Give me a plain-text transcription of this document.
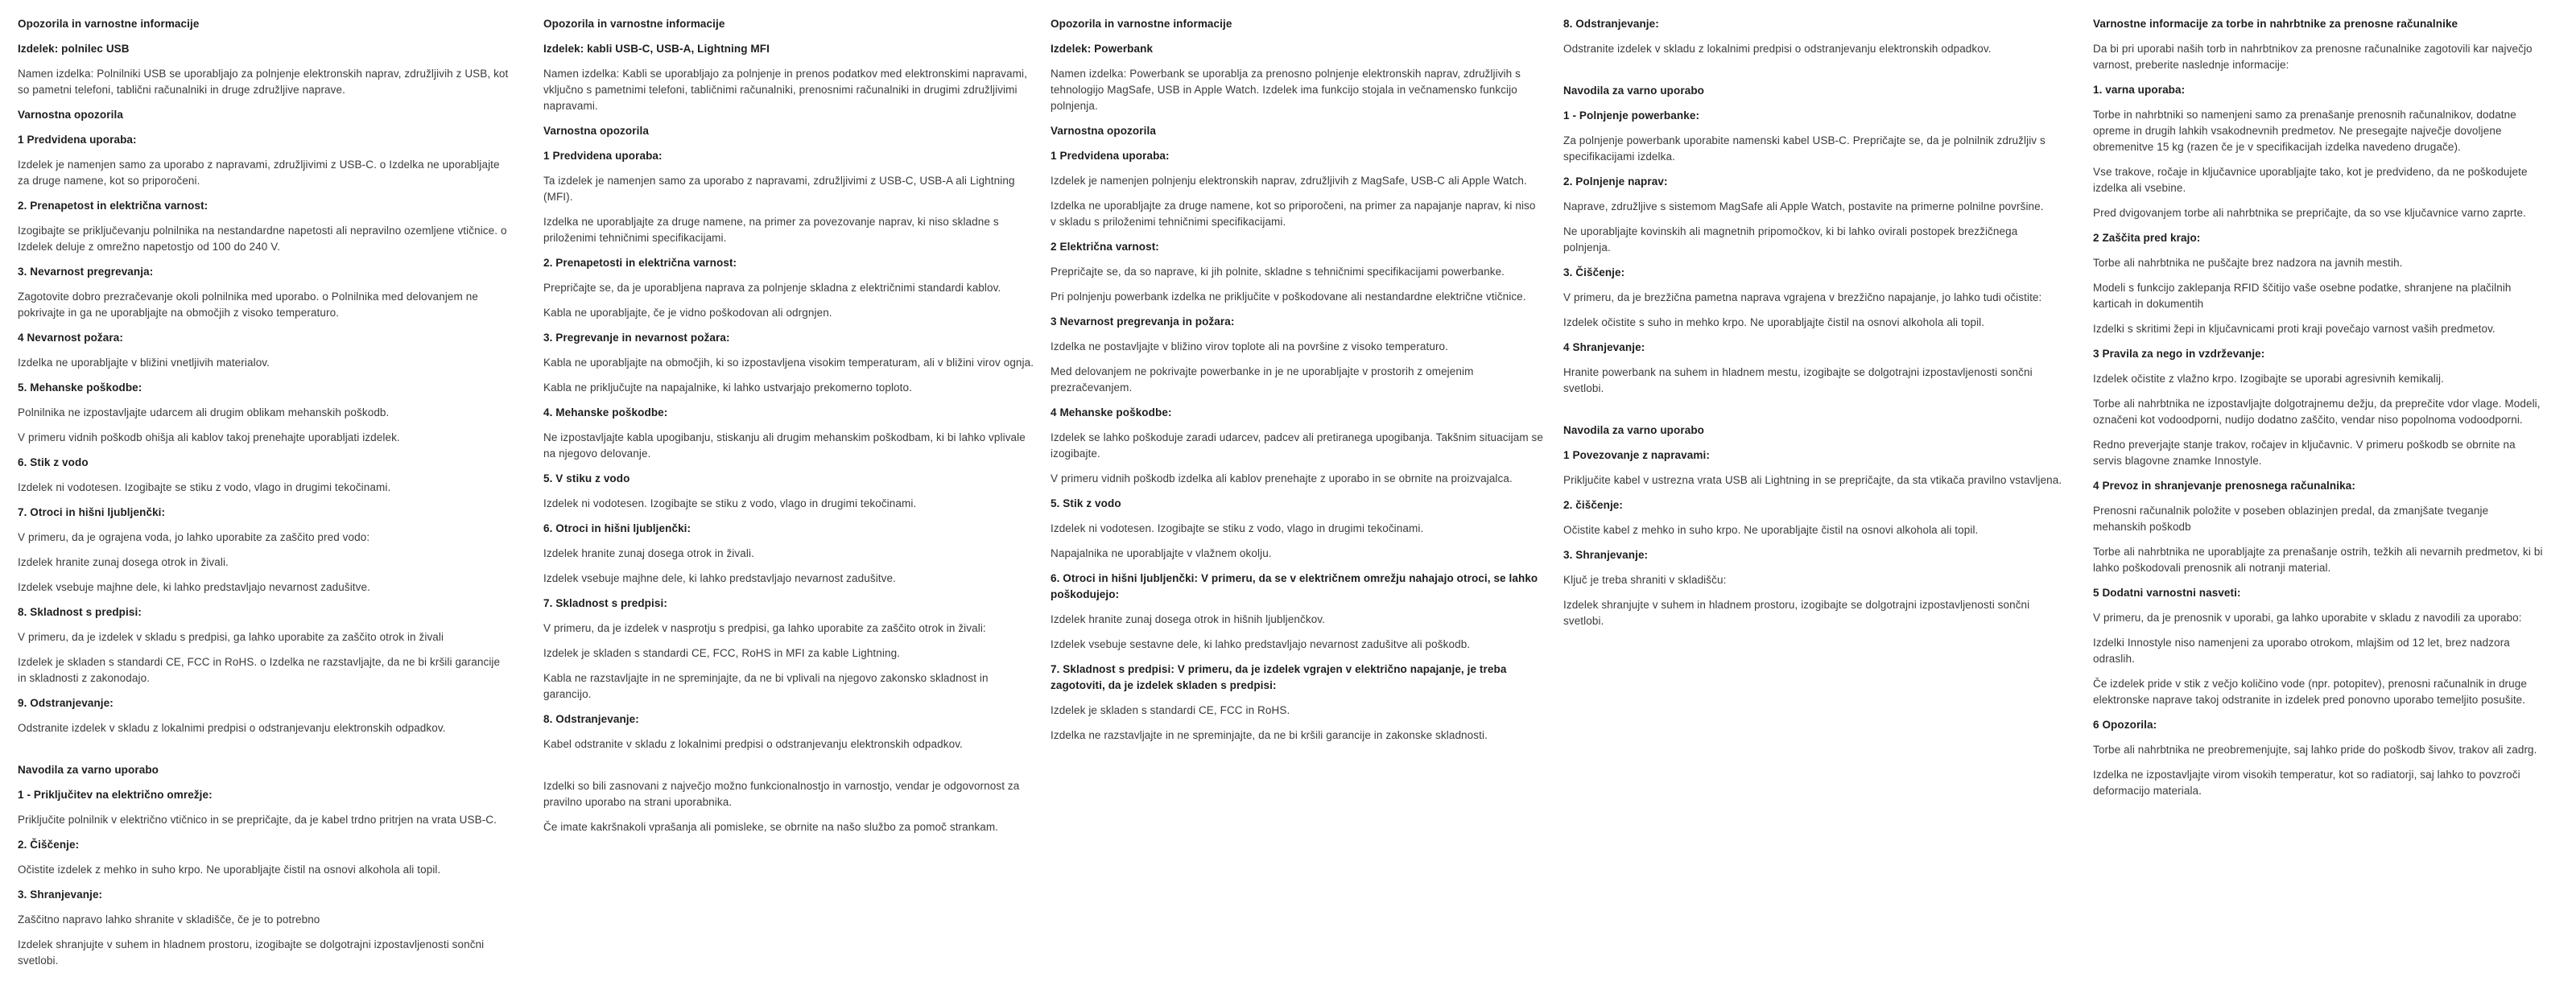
Opozorila in varnostne informacije
Izdelek: polnilec USB
Namen izdelka: Polnilniki USB se uporabljajo za polnjenje elektronskih naprav, združljivih z USB, kot so pametni telefoni, tablični računalniki in druge združljive naprave.
Varnostna opozorila
1 Predvidena uporaba:
Izdelek je namenjen samo za uporabo z napravami, združljivimi z USB-C. o Izdelka ne uporabljajte za druge namene, kot so priporočeni.
2. Prenapetost in električna varnost:
Izogibajte se priključevanju polnilnika na nestandardne napetosti ali nepravilno ozemljene vtičnice. o Izdelek deluje z omrežno napetostjo od 100 do 240 V.
3. Nevarnost pregrevanja:
Zagotovite dobro prezračevanje okoli polnilnika med uporabo. o Polnilnika med delovanjem ne pokrivajte in ga ne uporabljajte na območjih z visoko temperaturo.
4 Nevarnost požara:
Izdelka ne uporabljajte v bližini vnetljivih materialov.
5. Mehanske poškodbe:
Polnilnika ne izpostavljajte udarcem ali drugim oblikam mehanskih poškodb.
V primeru vidnih poškodb ohišja ali kablov takoj prenehajte uporabljati izdelek.
6. Stik z vodo
Izdelek ni vodotesen. Izogibajte se stiku z vodo, vlago in drugimi tekočinami.
7. Otroci in hišni ljubljenčki:
V primeru, da je ograjena voda, jo lahko uporabite za zaščito pred vodo:
Izdelek hranite zunaj dosega otrok in živali.
Izdelek vsebuje majhne dele, ki lahko predstavljajo nevarnost zadušitve.
8. Skladnost s predpisi:
V primeru, da je izdelek v skladu s predpisi, ga lahko uporabite za zaščito otrok in živali
Izdelek je skladen s standardi CE, FCC in RoHS. o Izdelka ne razstavljajte, da ne bi kršili garancije in skladnosti z zakonodajo.
9. Odstranjevanje:
Odstranite izdelek v skladu z lokalnimi predpisi o odstranjevanju elektronskih odpadkov.
Navodila za varno uporabo
1 - Priključitev na električno omrežje:
Priključite polnilnik v električno vtičnico in se prepričajte, da je kabel trdno pritrjen na vrata USB-C.
2. Čiščenje:
Očistite izdelek z mehko in suho krpo. Ne uporabljajte čistil na osnovi alkohola ali topil.
3. Shranjevanje:
Zaščitno napravo lahko shranite v skladišče, če je to potrebno
Izdelek shranjujte v suhem in hladnem prostoru, izogibajte se dolgotrajni izpostavljenosti sončni svetlobi.
Opozorila in varnostne informacije
Izdelek: kabli USB-C, USB-A, Lightning MFI
Namen izdelka: Kabli se uporabljajo za polnjenje in prenos podatkov med elektronskimi napravami, vključno s pametnimi telefoni, tabličnimi računalniki, prenosnimi računalniki in drugimi združljivimi napravami.
Varnostna opozorila
1 Predvidena uporaba:
Ta izdelek je namenjen samo za uporabo z napravami, združljivimi z USB-C, USB-A ali Lightning (MFI).
Izdelka ne uporabljajte za druge namene, na primer za povezovanje naprav, ki niso skladne s priloženimi tehničnimi specifikacijami.
2. Prenapetosti in električna varnost:
Prepričajte se, da je uporabljena naprava za polnjenje skladna z električnimi standardi kablov.
Kabla ne uporabljajte, če je vidno poškodovan ali odrgnjen.
3. Pregrevanje in nevarnost požara:
Kabla ne uporabljajte na območjih, ki so izpostavljena visokim temperaturam, ali v bližini virov ognja.
Kabla ne priključujte na napajalnike, ki lahko ustvarjajo prekomerno toploto.
4. Mehanske poškodbe:
Ne izpostavljajte kabla upogibanju, stiskanju ali drugim mehanskim poškodbam, ki bi lahko vplivale na njegovo delovanje.
5. V stiku z vodo
Izdelek ni vodotesen. Izogibajte se stiku z vodo, vlago in drugimi tekočinami.
6. Otroci in hišni ljubljenčki:
Izdelek hranite zunaj dosega otrok in živali.
Izdelek vsebuje majhne dele, ki lahko predstavljajo nevarnost zadušitve.
7. Skladnost s predpisi:
V primeru, da je izdelek v nasprotju s predpisi, ga lahko uporabite za zaščito otrok in živali:
Izdelek je skladen s standardi CE, FCC, RoHS in MFI za kable Lightning.
Kabla ne razstavljajte in ne spreminjajte, da ne bi vplivali na njegovo zakonsko skladnost in garancijo.
8. Odstranjevanje:
Kabel odstranite v skladu z lokalnimi predpisi o odstranjevanju elektronskih odpadkov.
Izdelki so bili zasnovani z največjo možno funkcionalnostjo in varnostjo, vendar je odgovornost za pravilno uporabo na strani uporabnika.
Če imate kakršnakoli vprašanja ali pomisleke, se obrnite na našo službo za pomoč strankam.
Opozorila in varnostne informacije
Izdelek: Powerbank
Namen izdelka: Powerbank se uporablja za prenosno polnjenje elektronskih naprav, združljivih s tehnologijo MagSafe, USB in Apple Watch. Izdelek ima funkcijo stojala in večnamensko funkcijo polnjenja.
Varnostna opozorila
1 Predvidena uporaba:
Izdelek je namenjen polnjenju elektronskih naprav, združljivih z MagSafe, USB-C ali Apple Watch.
Izdelka ne uporabljajte za druge namene, kot so priporočeni, na primer za napajanje naprav, ki niso v skladu s priloženimi tehničnimi specifikacijami.
2 Električna varnost:
Prepričajte se, da so naprave, ki jih polnite, skladne s tehničnimi specifikacijami powerbanke.
Pri polnjenju powerbank izdelka ne priključite v poškodovane ali nestandardne električne vtičnice.
3 Nevarnost pregrevanja in požara:
Izdelka ne postavljajte v bližino virov toplote ali na površine z visoko temperaturo.
Med delovanjem ne pokrivajte powerbanke in je ne uporabljajte v prostorih z omejenim prezračevanjem.
4 Mehanske poškodbe:
Izdelek se lahko poškoduje zaradi udarcev, padcev ali pretiranega upogibanja. Takšnim situacijam se izogibajte.
V primeru vidnih poškodb izdelka ali kablov prenehajte z uporabo in se obrnite na proizvajalca.
5. Stik z vodo
Izdelek ni vodotesen. Izogibajte se stiku z vodo, vlago in drugimi tekočinami.
Napajalnika ne uporabljajte v vlažnem okolju.
6. Otroci in hišni ljubljenčki: V primeru, da se v električnem omrežju nahajajo otroci, se lahko poškodujejo:
Izdelek hranite zunaj dosega otrok in hišnih ljubljenčkov.
Izdelek vsebuje sestavne dele, ki lahko predstavljajo nevarnost zadušitve ali poškodb.
7. Skladnost s predpisi: V primeru, da je izdelek vgrajen v električno napajanje, je treba zagotoviti, da je izdelek skladen s predpisi:
Izdelek je skladen s standardi CE, FCC in RoHS.
Izdelka ne razstavljajte in ne spreminjajte, da ne bi kršili garancije in zakonske skladnosti.
8. Odstranjevanje:
Odstranite izdelek v skladu z lokalnimi predpisi o odstranjevanju elektronskih odpadkov.
Navodila za varno uporabo
1 - Polnjenje powerbanke:
Za polnjenje powerbank uporabite namenski kabel USB-C. Prepričajte se, da je polnilnik združljiv s specifikacijami izdelka.
2. Polnjenje naprav:
Naprave, združljive s sistemom MagSafe ali Apple Watch, postavite na primerne polnilne površine.
Ne uporabljajte kovinskih ali magnetnih pripomočkov, ki bi lahko ovirali postopek brezžičnega polnjenja.
3. Čiščenje:
V primeru, da je brezžična pametna naprava vgrajena v brezžično napajanje, jo lahko tudi očistite:
Izdelek očistite s suho in mehko krpo. Ne uporabljajte čistil na osnovi alkohola ali topil.
4 Shranjevanje:
Hranite powerbank na suhem in hladnem mestu, izogibajte se dolgotrajni izpostavljenosti sončni svetlobi.
Navodila za varno uporabo
1 Povezovanje z napravami:
Priključite kabel v ustrezna vrata USB ali Lightning in se prepričajte, da sta vtikača pravilno vstavljena.
2. čiščenje:
Očistite kabel z mehko in suho krpo. Ne uporabljajte čistil na osnovi alkohola ali topil.
3. Shranjevanje:
Ključ je treba shraniti v skladišču:
Izdelek shranjujte v suhem in hladnem prostoru, izogibajte se dolgotrajni izpostavljenosti sončni svetlobi.
Varnostne informacije za torbe in nahrbtnike za prenosne računalnike
Da bi pri uporabi naših torb in nahrbtnikov za prenosne računalnike zagotovili kar največjo varnost, preberite naslednje informacije:
1. varna uporaba:
Torbe in nahrbtniki so namenjeni samo za prenašanje prenosnih računalnikov, dodatne opreme in drugih lahkih vsakodnevnih predmetov. Ne presegajte največje dovoljene obremenitve 15 kg (razen če je v specifikacijah izdelka navedeno drugače).
Vse trakove, ročaje in ključavnice uporabljajte tako, kot je predvideno, da ne poškodujete izdelka ali vsebine.
Pred dvigovanjem torbe ali nahrbtnika se prepričajte, da so vse ključavnice varno zaprte.
2 Zaščita pred krajo:
Torbe ali nahrbtnika ne puščajte brez nadzora na javnih mestih.
Modeli s funkcijo zaklepanja RFID ščitijo vaše osebne podatke, shranjene na plačilnih karticah in dokumentih
Izdelki s skritimi žepi in ključavnicami proti kraji povečajo varnost vaših predmetov.
3 Pravila za nego in vzdrževanje:
Izdelek očistite z vlažno krpo. Izogibajte se uporabi agresivnih kemikalij.
Torbe ali nahrbtnika ne izpostavljajte dolgotrajnemu dežju, da preprečite vdor vlage. Modeli, označeni kot vodoodporni, nudijo dodatno zaščito, vendar niso popolnoma vodoodporni.
Redno preverjajte stanje trakov, ročajev in ključavnic. V primeru poškodb se obrnite na servis blagovne znamke Innostyle.
4 Prevoz in shranjevanje prenosnega računalnika:
Prenosni računalnik položite v poseben oblazinjen predal, da zmanjšate tveganje mehanskih poškodb
Torbe ali nahrbtnika ne uporabljajte za prenašanje ostrih, težkih ali nevarnih predmetov, ki bi lahko poškodovali prenosnik ali notranji material.
5 Dodatni varnostni nasveti:
V primeru, da je prenosnik v uporabi, ga lahko uporabite v skladu z navodili za uporabo:
Izdelki Innostyle niso namenjeni za uporabo otrokom, mlajšim od 12 let, brez nadzora odraslih.
Če izdelek pride v stik z večjo količino vode (npr. potopitev), prenosni računalnik in druge elektronske naprave takoj odstranite in izdelek pred ponovno uporabo temeljito posušite.
6 Opozorila:
Torbe ali nahrbtnika ne preobremenjujte, saj lahko pride do poškodb šivov, trakov ali zadrg.
Izdelka ne izpostavljajte virom visokih temperatur, kot so radiatorji, saj lahko to povzroči deformacijo materiala.
